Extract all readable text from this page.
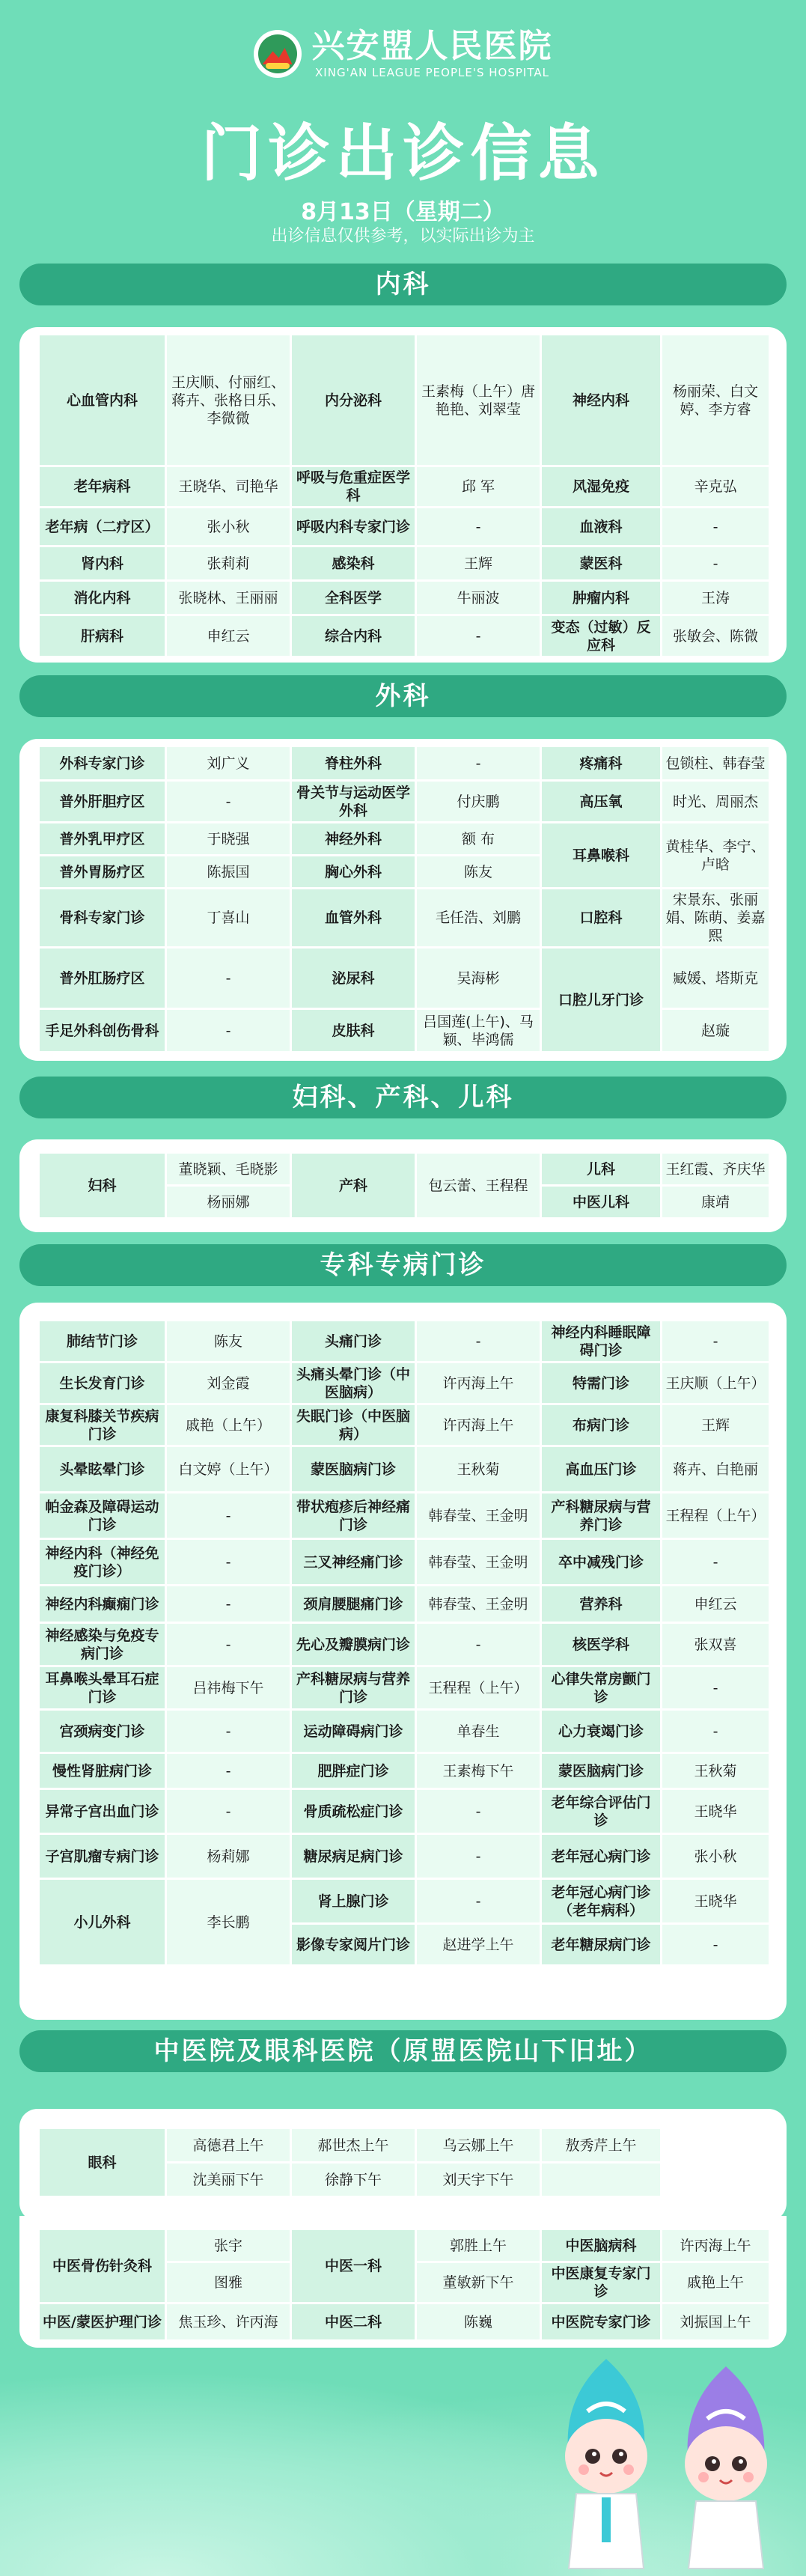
兴安盟人民医院
XING'AN LEAGUE PEOPLE'S HOSPITAL
门诊出诊信息
8月13日（星期二）
出诊信息仅供参考，以实际出诊为主
内科
心血管内科	王庆顺、付丽红、蒋卉、张格日乐、李微微	内分泌科	王素梅（上午）唐艳艳、刘翠莹	神经内科	杨丽荣、白文婷、李方睿

老年病科	王晓华、司艳华	呼吸与危重症医学科	邱 军	风湿免疫	辛克弘
老年病（二疗区）	张小秋	呼吸内科专家门诊	-	血液科	-
肾内科	张莉莉	感染科	王辉	蒙医科	-
消化内科	张晓林、王丽丽	全科医学	牛丽波	肿瘤内科	王涛
肝病科	申红云	综合内科	-	变态（过敏）反应科	张敏会、陈微
外科
外科专家门诊	刘广义	脊柱外科	-	疼痛科	包锁柱、韩春莹
普外肝胆疗区	-	骨关节与运动医学外科	付庆鹏	高压氧	时光、周丽杰
普外乳甲疗区	于晓强	神经外科	额 布	耳鼻喉科	黄桂华、李宁、卢晗
普外胃肠疗区	陈振国	胸心外科	陈友		
骨科专家门诊	丁喜山	血管外科	毛任浩、刘鹏	口腔科	宋景东、张丽娟、陈萌、姜嘉熙
普外肛肠疗区	-	泌尿科	吴海彬	口腔儿牙门诊	臧媛、塔斯克
手足外科创伤骨科	-	皮肤科	吕国莲(上午)、马颖、毕鸿儒		赵璇
妇科、产科、儿科
妇科	董晓颖、毛晓影	产科	包云蕾、王程程	儿科	王红霞、齐庆华
	杨丽娜			中医儿科	康靖
专科专病门诊
肺结节门诊	陈友	头痛门诊	-	神经内科睡眠障碍门诊	-
生长发育门诊	刘金霞	头痛头晕门诊（中医脑病）	许丙海上午	特需门诊	王庆顺（上午）
康复科膝关节疾病门诊	戚艳（上午）	失眠门诊（中医脑病）	许丙海上午	布病门诊	王辉
头晕眩晕门诊	白文婷（上午）	蒙医脑病门诊	王秋菊	高血压门诊	蒋卉、白艳丽
帕金森及障碍运动门诊	-	带状疱疹后神经痛门诊	韩春莹、王金明	产科糖尿病与营养门诊	王程程（上午）
神经内科（神经免疫门诊）	-	三叉神经痛门诊	韩春莹、王金明	卒中减残门诊	-
神经内科癫痫门诊	-	颈肩腰腿痛门诊	韩春莹、王金明	营养科	申红云
神经感染与免疫专病门诊	-	先心及瓣膜病门诊	-	核医学科	张双喜
耳鼻喉头晕耳石症门诊	吕祎梅下午	产科糖尿病与营养门诊	王程程（上午）	心律失常房颤门诊	-
宫颈病变门诊	-	运动障碍病门诊	单春生	心力衰竭门诊	-
慢性肾脏病门诊	-	肥胖症门诊	王素梅下午	蒙医脑病门诊	王秋菊
异常子宫出血门诊	-	骨质疏松症门诊	-	老年综合评估门诊	王晓华
子宫肌瘤专病门诊	杨莉娜	糖尿病足病门诊	-	老年冠心病门诊	张小秋
小儿外科	李长鹏	肾上腺门诊	-	老年冠心病门诊（老年病科）	王晓华
		影像专家阅片门诊	赵进学上午	老年糖尿病门诊	-
中医院及眼科医院（原盟医院山下旧址）
眼科	高德君上午	郝世杰上午	乌云娜上午	敖秀芹上午	
	沈美丽下午	徐静下午	刘天宇下午		
中医骨伤针灸科	张宇	中医一科	郭胜上午	中医脑病科	许丙海上午
	图雅		董敏新下午	中医康复专家门诊	戚艳上午
中医/蒙医护理门诊	焦玉珍、许丙海	中医二科	陈巍	中医院专家门诊	刘振国上午
